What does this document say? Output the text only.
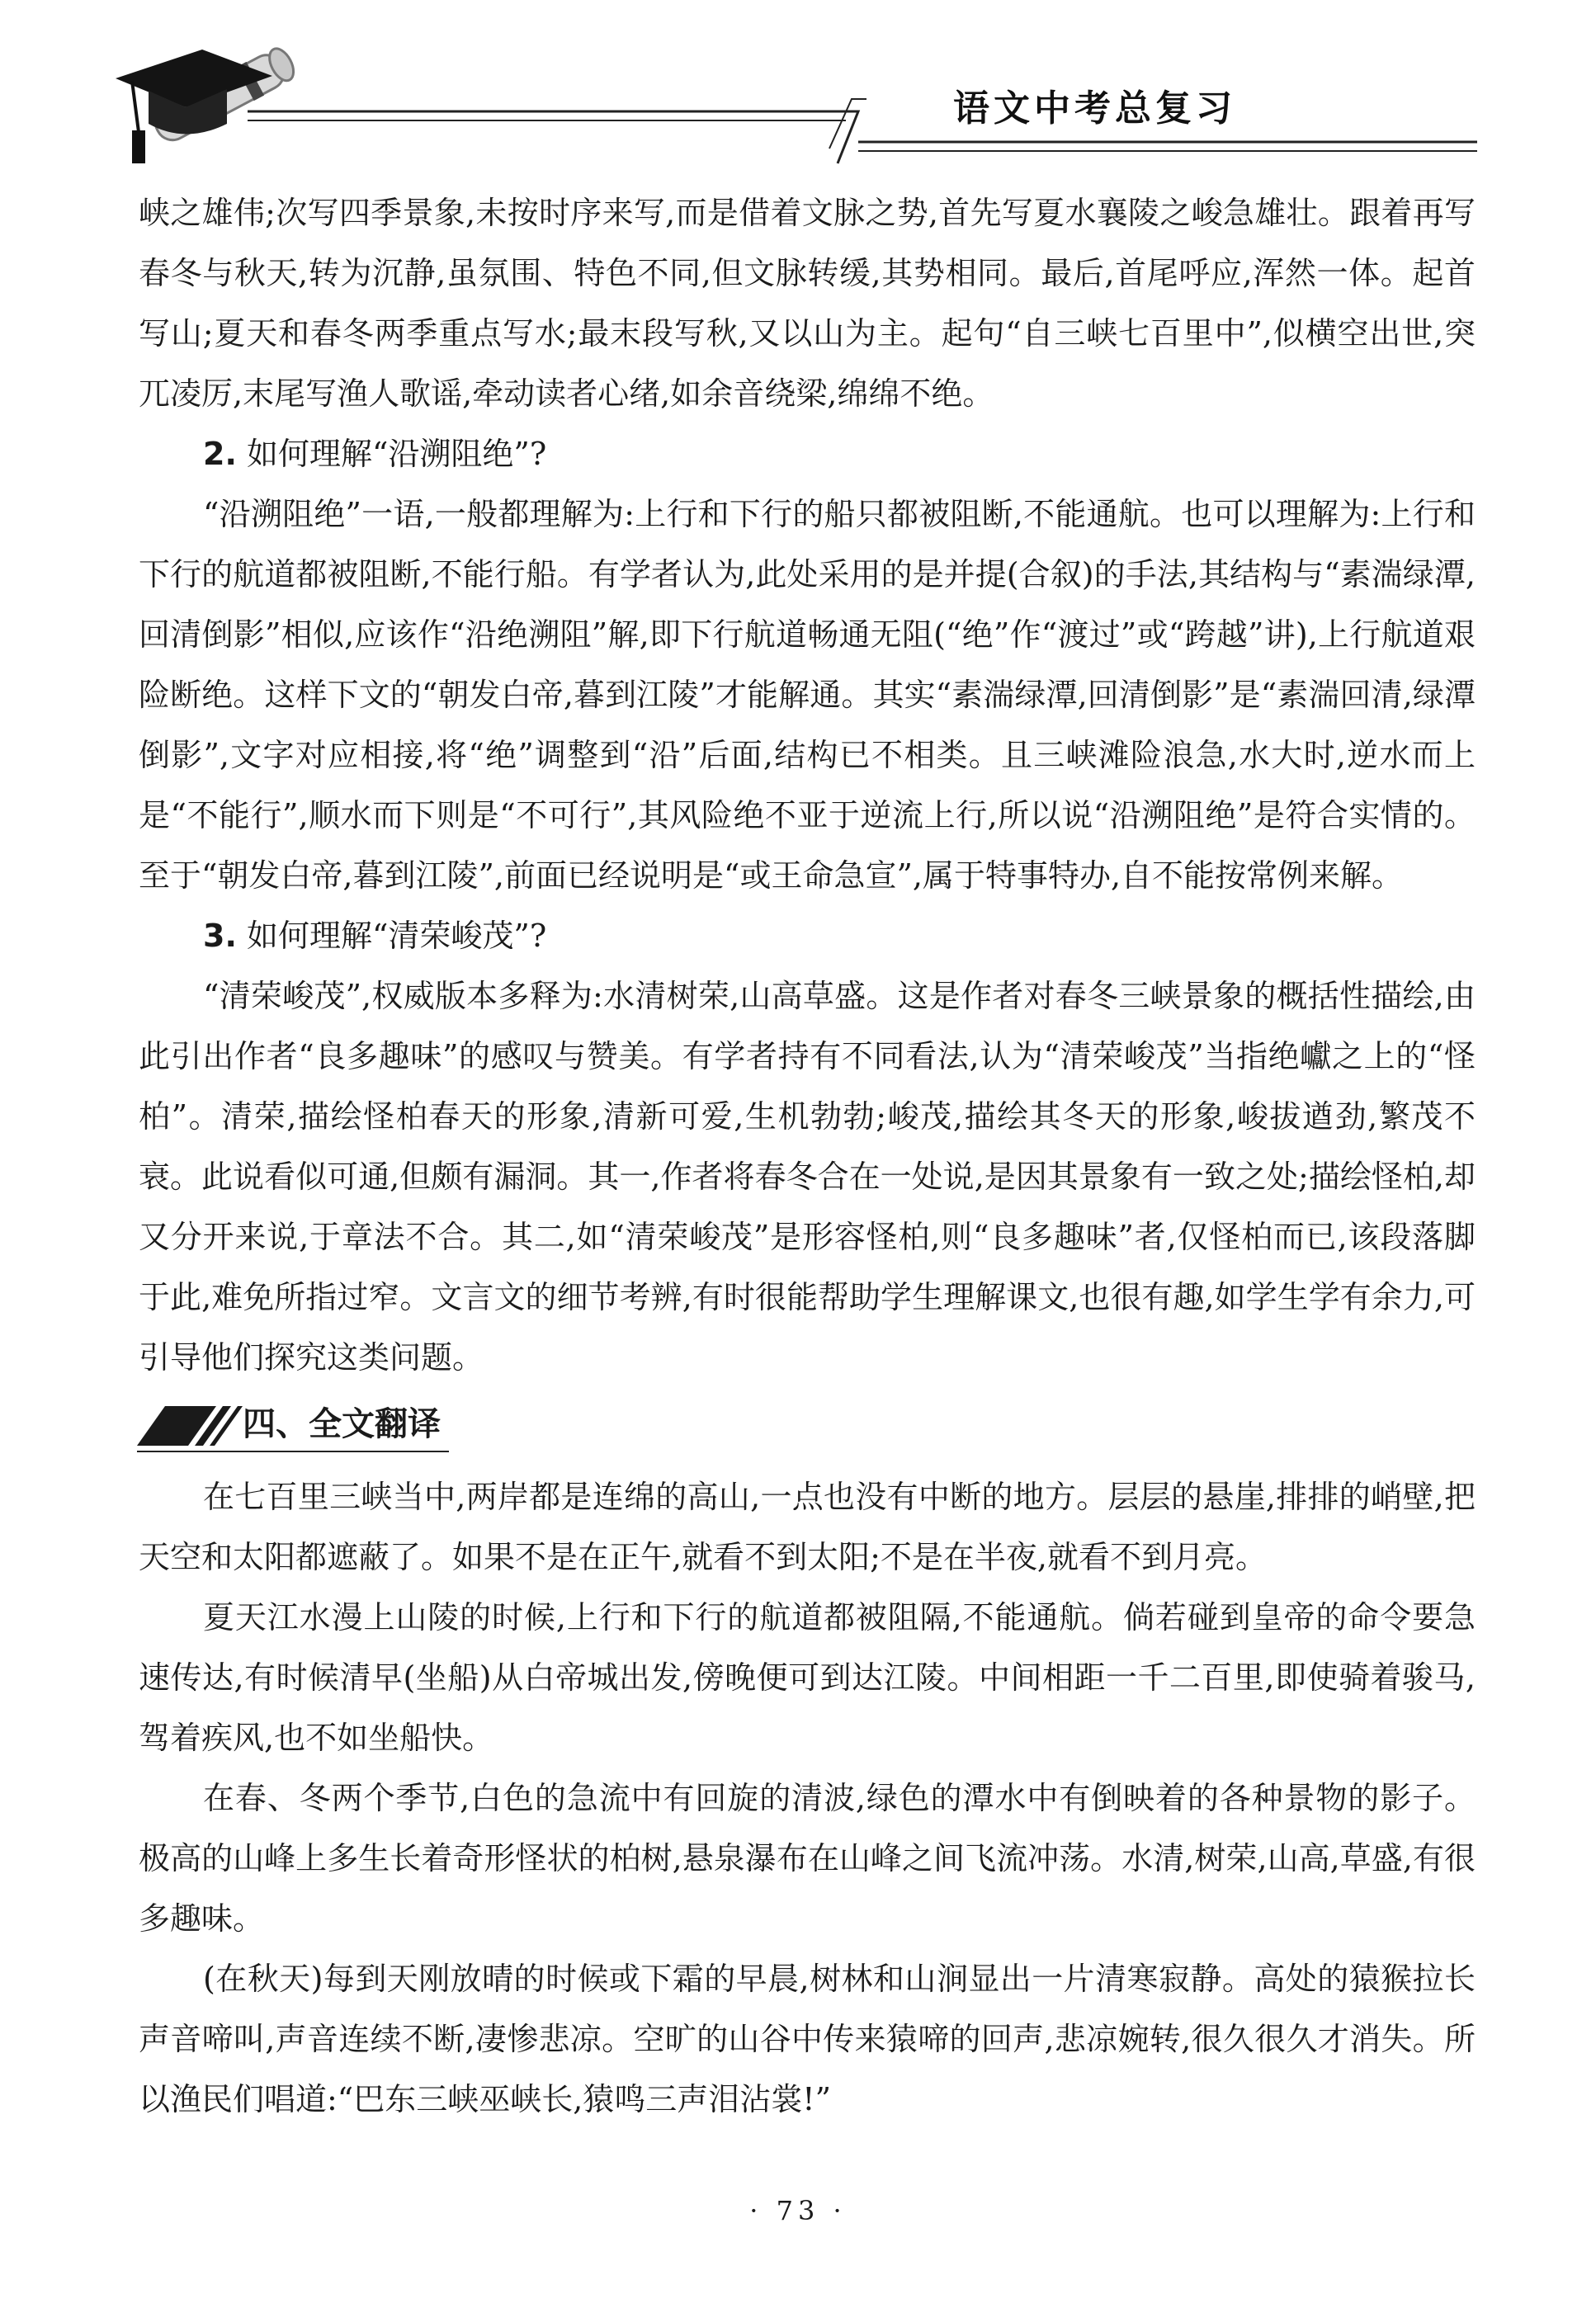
语文中考总复习

峡之雄伟;次写四季景象,未按时序来写,而是借着文脉之势,首先写夏水襄陵之峻急雄壮。跟着再写春冬与秋天,转为沉静,虽氛围、特色不同,但文脉转缓,其势相同。最后,首尾呼应,浑然一体。起首写山;夏天和春冬两季重点写水;最末段写秋,又以山为主。起句“自三峡七百里中”,似横空出世,突兀凌厉,末尾写渔人歌谣,牵动读者心绪,如余音绕梁,绵绵不绝。

2. 如何理解“沿溯阻绝”?

“沿溯阻绝”一语,一般都理解为:上行和下行的船只都被阻断,不能通航。也可以理解为:上行和下行的航道都被阻断,不能行船。有学者认为,此处采用的是并提(合叙)的手法,其结构与“素湍绿潭,回清倒影”相似,应该作“沿绝溯阻”解,即下行航道畅通无阻(“绝”作“渡过”或“跨越”讲),上行航道艰险断绝。这样下文的“朝发白帝,暮到江陵”才能解通。其实“素湍绿潭,回清倒影”是“素湍回清,绿潭倒影”,文字对应相接,将“绝”调整到“沿”后面,结构已不相类。且三峡滩险浪急,水大时,逆水而上是“不能行”,顺水而下则是“不可行”,其风险绝不亚于逆流上行,所以说“沿溯阻绝”是符合实情的。至于“朝发白帝,暮到江陵”,前面已经说明是“或王命急宣”,属于特事特办,自不能按常例来解。

3. 如何理解“清荣峻茂”?

“清荣峻茂”,权威版本多释为:水清树荣,山高草盛。这是作者对春冬三峡景象的概括性描绘,由此引出作者“良多趣味”的感叹与赞美。有学者持有不同看法,认为“清荣峻茂”当指绝巘之上的“怪柏”。清荣,描绘怪柏春天的形象,清新可爱,生机勃勃;峻茂,描绘其冬天的形象,峻拔遒劲,繁茂不衰。此说看似可通,但颇有漏洞。其一,作者将春冬合在一处说,是因其景象有一致之处;描绘怪柏,却又分开来说,于章法不合。其二,如“清荣峻茂”是形容怪柏,则“良多趣味”者,仅怪柏而已,该段落脚于此,难免所指过窄。文言文的细节考辨,有时很能帮助学生理解课文,也很有趣,如学生学有余力,可引导他们探究这类问题。

四、全文翻译

在七百里三峡当中,两岸都是连绵的高山,一点也没有中断的地方。层层的悬崖,排排的峭壁,把天空和太阳都遮蔽了。如果不是在正午,就看不到太阳;不是在半夜,就看不到月亮。

夏天江水漫上山陵的时候,上行和下行的航道都被阻隔,不能通航。倘若碰到皇帝的命令要急速传达,有时候清早(坐船)从白帝城出发,傍晚便可到达江陵。中间相距一千二百里,即使骑着骏马,驾着疾风,也不如坐船快。

在春、冬两个季节,白色的急流中有回旋的清波,绿色的潭水中有倒映着的各种景物的影子。极高的山峰上多生长着奇形怪状的柏树,悬泉瀑布在山峰之间飞流冲荡。水清,树荣,山高,草盛,有很多趣味。

(在秋天)每到天刚放晴的时候或下霜的早晨,树林和山涧显出一片清寒寂静。高处的猿猴拉长声音啼叫,声音连续不断,凄惨悲凉。空旷的山谷中传来猿啼的回声,悲凉婉转,很久很久才消失。所以渔民们唱道:“巴东三峡巫峡长,猿鸣三声泪沾裳!”

· 73 ·
